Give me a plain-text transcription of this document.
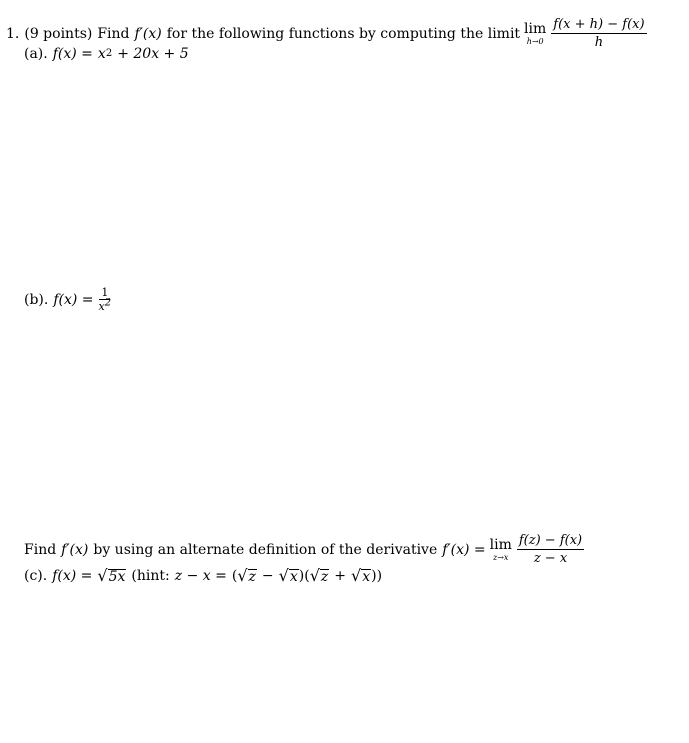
1. (9 points) Find f′(x) for the following functions by computing the limit lim
$h\to 0 \frac{f(x + h) - f(x)}{h}$
(a). f(x) = x 2 + 20x + 5
(b). $f(x) = \frac{1}{x2}$
Find f′(x) by using an alternate definition of the derivative f′(x) = lim
$z\to x \frac{f(z) - f(x)}{z - x}$
(c). f(x) = √ 5x (hint: z − x = ( √ z − √ x )( √ z + √ x ))
